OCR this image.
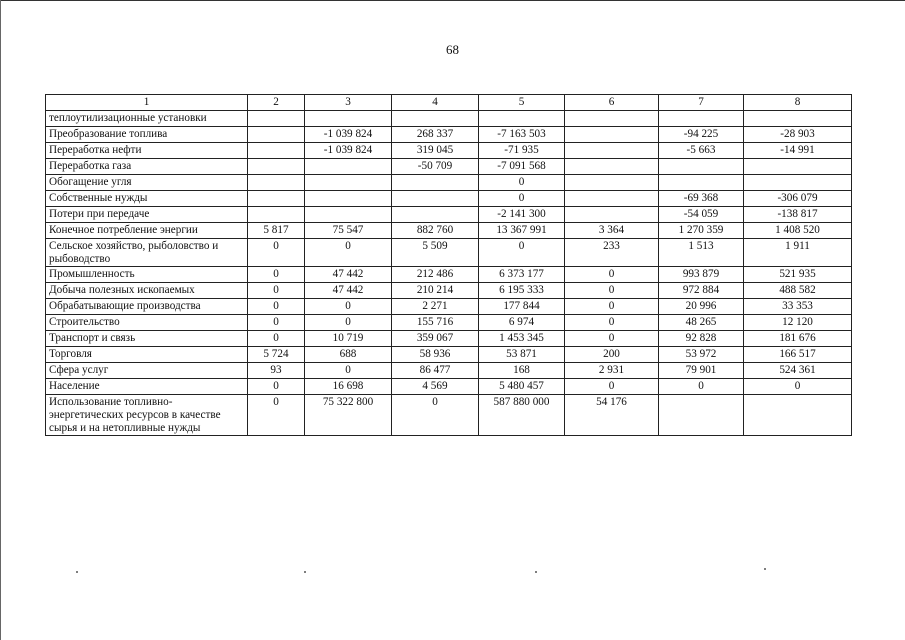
68
1	2	3	4	5	6	7	8
теплоутилизационные установки							
Преобразование топлива		-1 039 824	268 337	-7 163 503		-94 225	-28 903
Переработка нефти		-1 039 824	319 045	-71 935		-5 663	-14 991
Переработка газа			-50 709	-7 091 568			
Обогащение угля				0			
Собственные нужды				0		-69 368	-306 079
Потери при передаче				-2 141 300		-54 059	-138 817
Конечное потребление энергии	5 817	75 547	882 760	13 367 991	3 364	1 270 359	1 408 520
Сельское хозяйство, рыболовство и рыбоводство	0	0	5 509	0	233	1 513	1 911
Промышленность	0	47 442	212 486	6 373 177	0	993 879	521 935
Добыча полезных ископаемых	0	47 442	210 214	6 195 333	0	972 884	488 582
Обрабатывающие производства	0	0	2 271	177 844	0	20 996	33 353
Строительство	0	0	155 716	6 974	0	48 265	12 120
Транспорт и связь	0	10 719	359 067	1 453 345	0	92 828	181 676
Торговля	5 724	688	58 936	53 871	200	53 972	166 517
Сфера услуг	93	0	86 477	168	2 931	79 901	524 361
Население	0	16 698	4 569	5 480 457	0	0	0
Использование топливно-энергетических ресурсов в качестве сырья и на нетопливные нужды	0	75 322 800	0	587 880 000	54 176		
